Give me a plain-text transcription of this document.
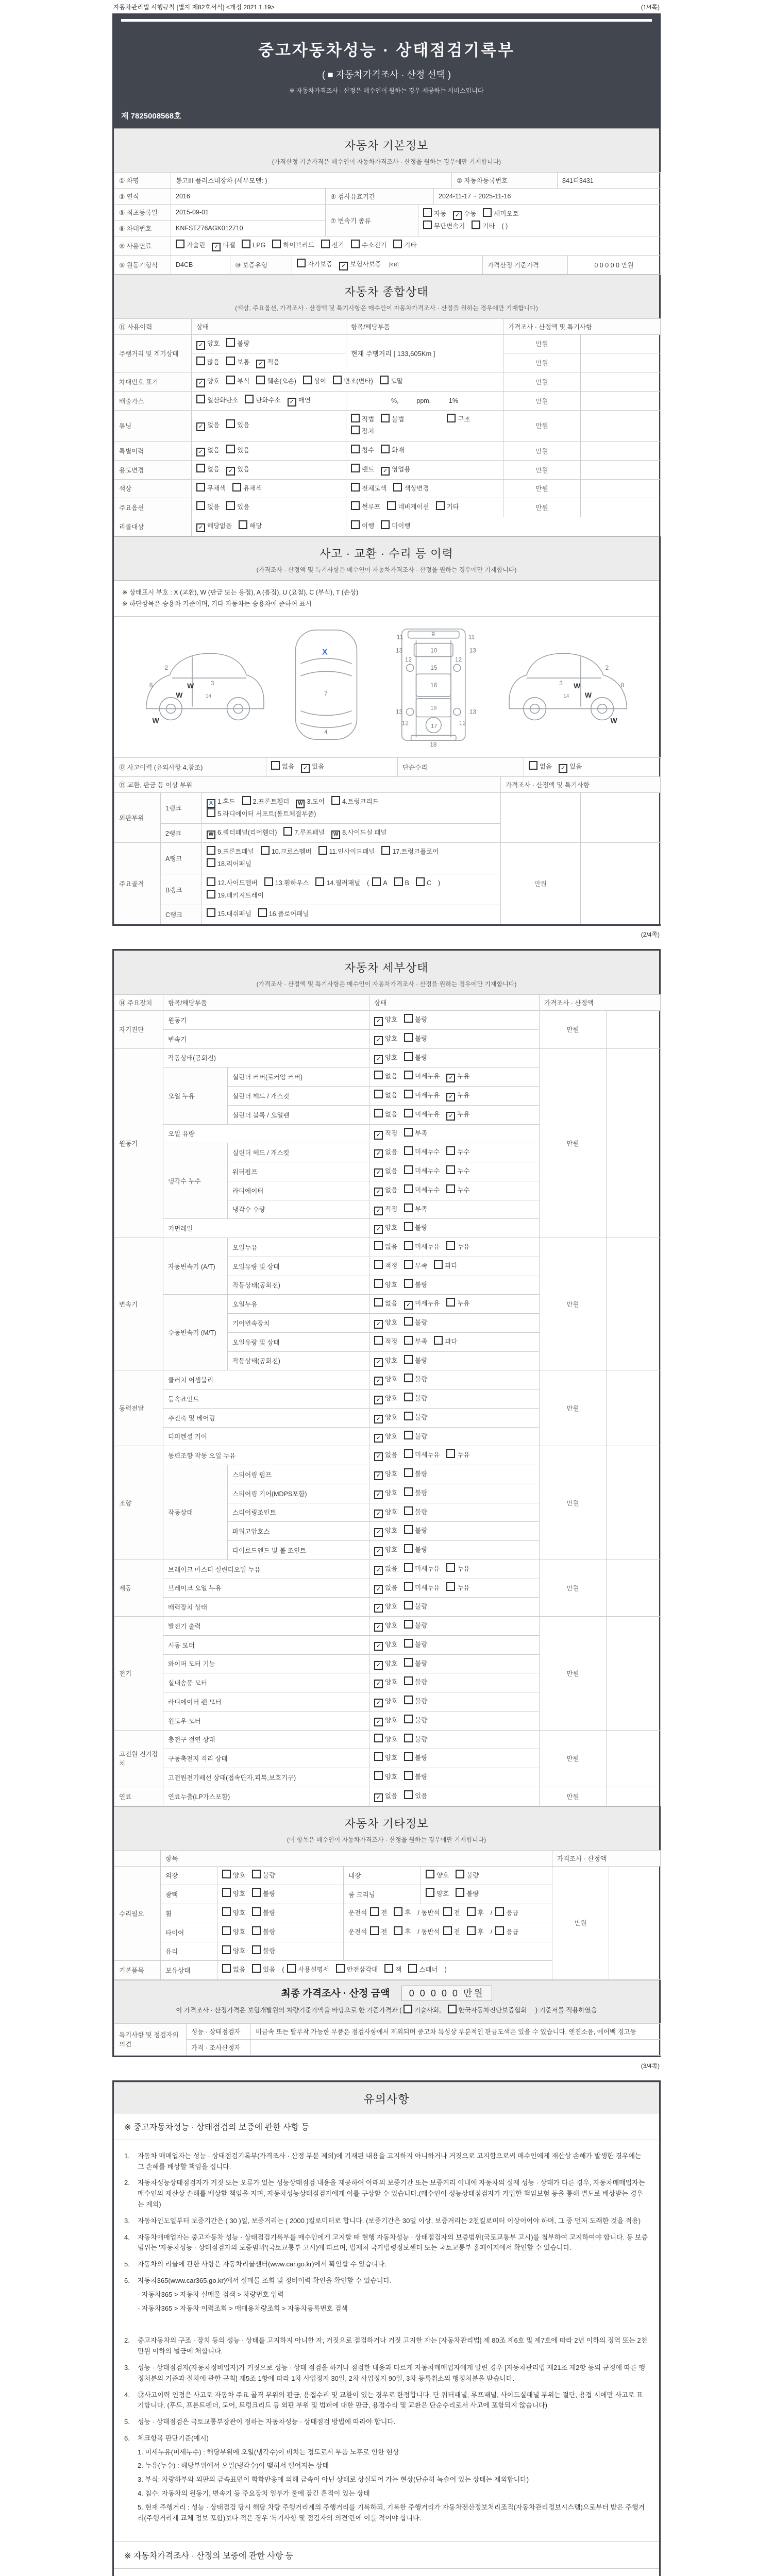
자동차관리법 시행규칙 [별지 제82호서식] <개정 2021.1.19>	(1/4쪽)
중고자동차성능 · 상태점검기록부
( ■ 자동차가격조사 · 산정 선택 )
※ 자동차가격조사 · 산정은 매수인이 원하는 경우 제공하는 서비스입니다
제 7825008568호
자동차 기본정보
(가격산정 기준가격은 매수인이 자동차가격조사 · 산정을 원하는 경우에만 기재합니다)
① 차명	봉고III 플러스내장차 (세부모델: )	② 자동차등록번호	841더3431
③ 연식	2016	④ 검사유효기간	2024-11-17 ~ 2025-11-16
⑤ 최초등록일	2015-09-01	⑦ 변속기 종류	자동 ✓ 수동 세미오토
무단변속기 기타 ( )
⑥ 차대번호	KNFSTZ76AGK012710		
⑧ 사용연료	가솔린 ✓ 디젤	LPG	하이브리드	전기	수소전기	기타
⑨ 원동기형식	D4CB	⑩ 보증유형	자가보증 ✓ 보험사보증 [KB]	가격산정 기준가격	0 0 0 0 0 만원
자동차 종합상태
(색상, 주요옵션, 가격조사 · 산정액 및 특기사항은 매수인이 자동차가격조사 · 산정을 원하는 경우에만 기재합니다)
⑪ 사용이력	상태	항목/해당부품	가격조사 · 산정액 및 특기사항	
주행거리 및 계기상태	✓ 양호 불량	현재 주행거리 [ 133,605Km ]	만원	
	많음 보통 ✓ 적음		만원	
차대번호 표기	✓ 양호 부식 훼손(오손) 상이 변조(변타) 도말		만원	
배출가스	일산화탄소 탄화수소 ✓ 매연	%,          ppm,          1%	만원	
튜닝	✓ 없음 있음	적법 불법 구조장치	만원	
특별이력	✓ 없음 있음	침수 화재	만원	
용도변경	없음 ✓ 있음	렌트 ✓ 영업용	만원	
색상	무채색 유채색	전체도색 색상변경	만원	
주요옵션	없음 있음	썬루프 네비게이션 기타	만원	
리콜대상	✓ 해당없음 해당	이행 미이행		
사고 · 교환 · 수리 등 이력
(가격조사 · 산정액 및 특기사항은 매수인이 자동차가격조사 · 산정을 원하는 경우에만 기재합니다)
※ 상태표시 부호 : X (교환), W (판금 또는 용접), A (흠집), U (요철), C (부식), T (손상)
※ 하단항목은 승용차 기준이며, 기타 자동차는 승용차에 준하여 표시
2
8
14
3
7
4
11	11
13	13
12	12
9
10
15
16
19
13	13
12	12
17
18
2
8
14
3
W
W
W
W
W
W
X
⑫ 사고이력 (유의사항 4.참조)	없음 ✓ 있음	단순수리	없음 ✓ 있음
⑬ 교환, 판금 등 이상 부위	가격조사 · 산정액 및 특기사항
외판부위	1랭크	X 1.후드 2.프론트휀더 W 3.도어 4.트렁크리드
5.라디에이터 서포트(볼트체결부품)		
	2랭크	W 6.쿼터패널(리어휀더) 7.루프패널 W 8.사이드실 패널		
주요골격	A랭크	9.프론트패널 10.크로스멤버 11.인사이드패널 17.트렁크플로어
18.리어패널	만원	
	B랭크	12.사이드멤버 13.휠하우스 14.필러패널 ( A B C )
19.패키지트레이		
	C랭크	15.대쉬패널 16.플로어패널		
(2/4쪽)
자동차 세부상태
(가격조사 · 산정액 및 특기사항은 매수인이 자동차가격조사 · 산정을 원하는 경우에만 기재합니다)
⑭ 주요장치	항목/해당부품		상태	가격조사 · 산정액	
자기진단	원동기		✓ 양호 불량	만원	
	변속기		✓ 양호 불량		
원동기	작동상태(공회전)		✓ 양호 불량	만원	
	오일 누유	실린더 커버(로커암 커버)	없음 미세누유 ✓ 누유		
		실린더 헤드 / 개스킷	없음 미세누유 ✓ 누유		
		실린더 블록 / 오일팬	없음 미세누유 ✓ 누유		
	오일 유량		✓ 적정 부족		
	냉각수 누수	실린더 헤드 / 개스킷	✓ 없음 미세누수 누수		
		워터펌프	✓ 없음 미세누수 누수		
		라디에이터	✓ 없음 미세누수 누수		
		냉각수 수량	✓ 적정 부족		
	커먼레일		✓ 양호 불량		
변속기	자동변속기 (A/T)	오일누유	없음 미세누유 누유	만원	
		오일유량 및 상태	적정 부족 과다		
		작동상태(공회전)	양호 불량		
	수동변속기 (M/T)	오일누유	없음 ✓ 미세누유 누유		
		기어변속장치	✓ 양호 불량		
		오일유량 및 상태	적정 부족 과다		
		작동상태(공회전)	✓ 양호 불량		
동력전달	클러치 어셈블리		✓ 양호 불량	만원	
	등속죠인트		✓ 양호 불량		
	추진축 및 베어링		✓ 양호 불량		
	디퍼렌셜 기어		✓ 양호 불량		
조향	동력조향 작동 오일 누유		✓ 없음 미세누유 누유	만원	
	작동상태	스티어링 펌프	✓ 양호 불량		
		스티어링 기어(MDPS포함)	✓ 양호 불량		
		스티어링조인트	✓ 양호 불량		
		파워고압호스	✓ 양호 불량		
		타이로드엔드 및 볼 조인트	✓ 양호 불량		
제동	브레이크 마스터 실린더오일 누유		✓ 없음 미세누유 누유	만원	
	브레이크 오일 누유		✓ 없음 미세누유 누유		
	배력장치 상태		✓ 양호 불량		
전기	발전기 출력		✓ 양호 불량	만원	
	시동 모터		✓ 양호 불량		
	와이퍼 모터 기능		✓ 양호 불량		
	실내송풍 모터		✓ 양호 불량		
	라디에이터 팬 모터		✓ 양호 불량		
	윈도우 모터		✓ 양호 불량		
고전원 전기장치	충전구 절연 상태		양호 불량	만원	
	구동축전지 격리 상태		양호 불량		
	고전원전기배선 상태(접속단자,피복,보호기구)		양호 불량		
연료	연료누출(LP가스포함)		✓ 없음 있음	만원	
자동차 기타정보
(이 항목은 매수인이 자동차가격조사 · 산정을 원하는 경우에만 기재합니다)
	항목				가격조사 · 산정액	
수리필요	외장	양호 불량	내장	양호 불량	만원	
	광택	양호 불량	룸 크리닝	양호 불량		
	휠	양호 불량	운전석 전 후 / 동반석 전 후 / 응급			
	타이어	양호 불량	운전석 전 후 / 동반석 전 후 / 응급			
	유리	양호 불량				
기본품목	보유상태	없음 있음 ( 사용설명서 안전삼각대 잭 스패너 )				
최종 가격조사 · 산정 금액 0 0 0 0 0 만원
이 가격조사 · 산정가격은 보험개발원의 차량기준가액을 바탕으로 한 기준가격과 ( 기술사회,	한국자동차진단보증협회 ) 기준서를 적용하였음
특기사항 및 점검자의 의견	성능 · 상태점검자	비금속 또는 탈부착 가능한 부품은 점검사항에서 제외되며 중고차 특성상 부분적인 판금도색은 있을 수 있습니다. 엔진소음, 에어백 경고등
	가격 · 조사산정자	
(3/4쪽)
유의사항
※ 중고자동차성능 · 상태점검의 보증에 관한 사항 등
1.	자동차 매매업자는 성능 · 상태점검기록부(가격조사 · 산정 부분 제외)에 기재된 내용을 고지하지 아니하거나 거짓으로 고지함으로써 매수인에게 재산상 손해가 발생한 경우에는 그 손해를 배상할 책임을 집니다.
2.	자동차성능상태점검자가 거짓 또는 오류가 있는 성능상태점검 내용을 제공하여 아래의 보증기간 또는 보증거리 이내에 자동차의 실제 성능 · 상태가 다른 경우, 자동차매매업자는 매수인의 재산상 손해를 배상할 책임을 지며, 자동차성능상태점검자에게 이를 구상할 수 있습니다.(매수인이 성능상태점검자가 가입한 책임보험 등을 통해 별도로 배상받는 경우는 제외)
3.	자동차인도일부터 보증기간은 ( 30 )일, 보증거리는 ( 2000 )킬로미터로 합니다. (보증기간은 30일 이상, 보증거리는 2천킬로미터 이상이어야 하며, 그 중 먼저 도래한 것을 적용)
4.	자동차매매업자는 중고자동차 성능 · 상태점검기록부를 매수인에게 고지할 때 현행 자동차성능 · 상태점검자의 보증범위(국토교통부 고시)를 첨부하여 고지하여야 합니다. 동 보증범위는 '자동차성능 · 상태점검자의 보증범위'(국토교통부 고시)에 따르며, 법제처 국가법령정보센터 또는 국토교통부 홈페이지에서 확인할 수 있습니다.
5.	자동차의 리콜에 관한 사항은 자동차리콜센터(www.car.go.kr)에서 확인할 수 있습니다.
6.	자동차365(www.car365.go.kr)에서 실매물 조회 및 정비이력 확인을 확인할 수 있습니다.
- 자동차365 > 자동차 실매물 검색 > 차량번호 입력
- 자동차365 > 자동차 이력조회 > 매매용차량조회 > 자동차등록번호 검색
2.	중고자동차의 구조 · 장치 등의 성능 · 상태를 고지하지 아니한 자, 거짓으로 점검하거나 거짓 고지한 자는 [자동차관리법] 제 80조 제6호 및 제7호에 따라 2년 이하의 징역 또는 2천만원 이하의 벌금에 처합니다.
3.	성능 · 상태점검자(자동차정비업자)가 거짓으로 성능 · 상태 점검을 하거나 점검한 내용과 다르게 자동차매매업자에게 알린 경우 [자동차관리법 제21조 제2항 등의 규정에 따른 행정처분의 기준과 절차에 관한 규칙] 제5조 1항에 따라 1차 사업정지 30일, 2차 사업정지 90일, 3차 등록취소의 행정처분을 받습니다.
4.	⑫사고이력 인정은 사고로 자동차 주요 골격 부위의 판금, 용접수리 및 교환이 있는 경우로 한정합니다. 단 쿼터패널, 루프패널, 사이드실패널 부위는 절단, 용접 시에만 사고로 표기합니다. (후드, 프론트펜더, 도어, 트렁크리드 등 외판 부위 및 범퍼에 대한 판금, 용접수리 및 교환은 단순수리로서 사고에 포함되지 않습니다)
5.	성능 · 상태점검은 국토교통부장관이 정하는 자동차성능 · 상태점검 방법에 따라야 합니다.
6.	체크항목 판단기준(예시)
1. 미세누유(미세누수) : 해당부위에 오일(냉각수)이 비치는 정도로서 부품 노후로 인한 현상
2. 누유(누수) : 해당부위에서 오일(냉각수)이 맺혀서 떨어지는 상태
3. 부식: 차량하부와 외판의 금속표면이 화학반응에 의해 금속이 아닌 상태로 상실되어 가는 현상(단순히 녹슬어 있는 상태는 제외합니다)
4. 침수: 자동차의 원동기, 변속기 등 주요장치 일부가 물에 잠긴 흔적이 있는 상태
5. 현재 주행거리 : 성능 · 상태점검 당시 해당 차량 주행거리계의 주행거리를 기록하되, 기록한 주행거리가 자동차전산정보처리조직(자동차관리정보시스템)으로부터 받은 주행거리(주행거리계 교체 정보 포함)보다 적은 경우 '특기사항 및 점검자의 의견'란에 이를 적어야 합니다.
※ 자동차가격조사 · 산정의 보증에 관한 사항 등
